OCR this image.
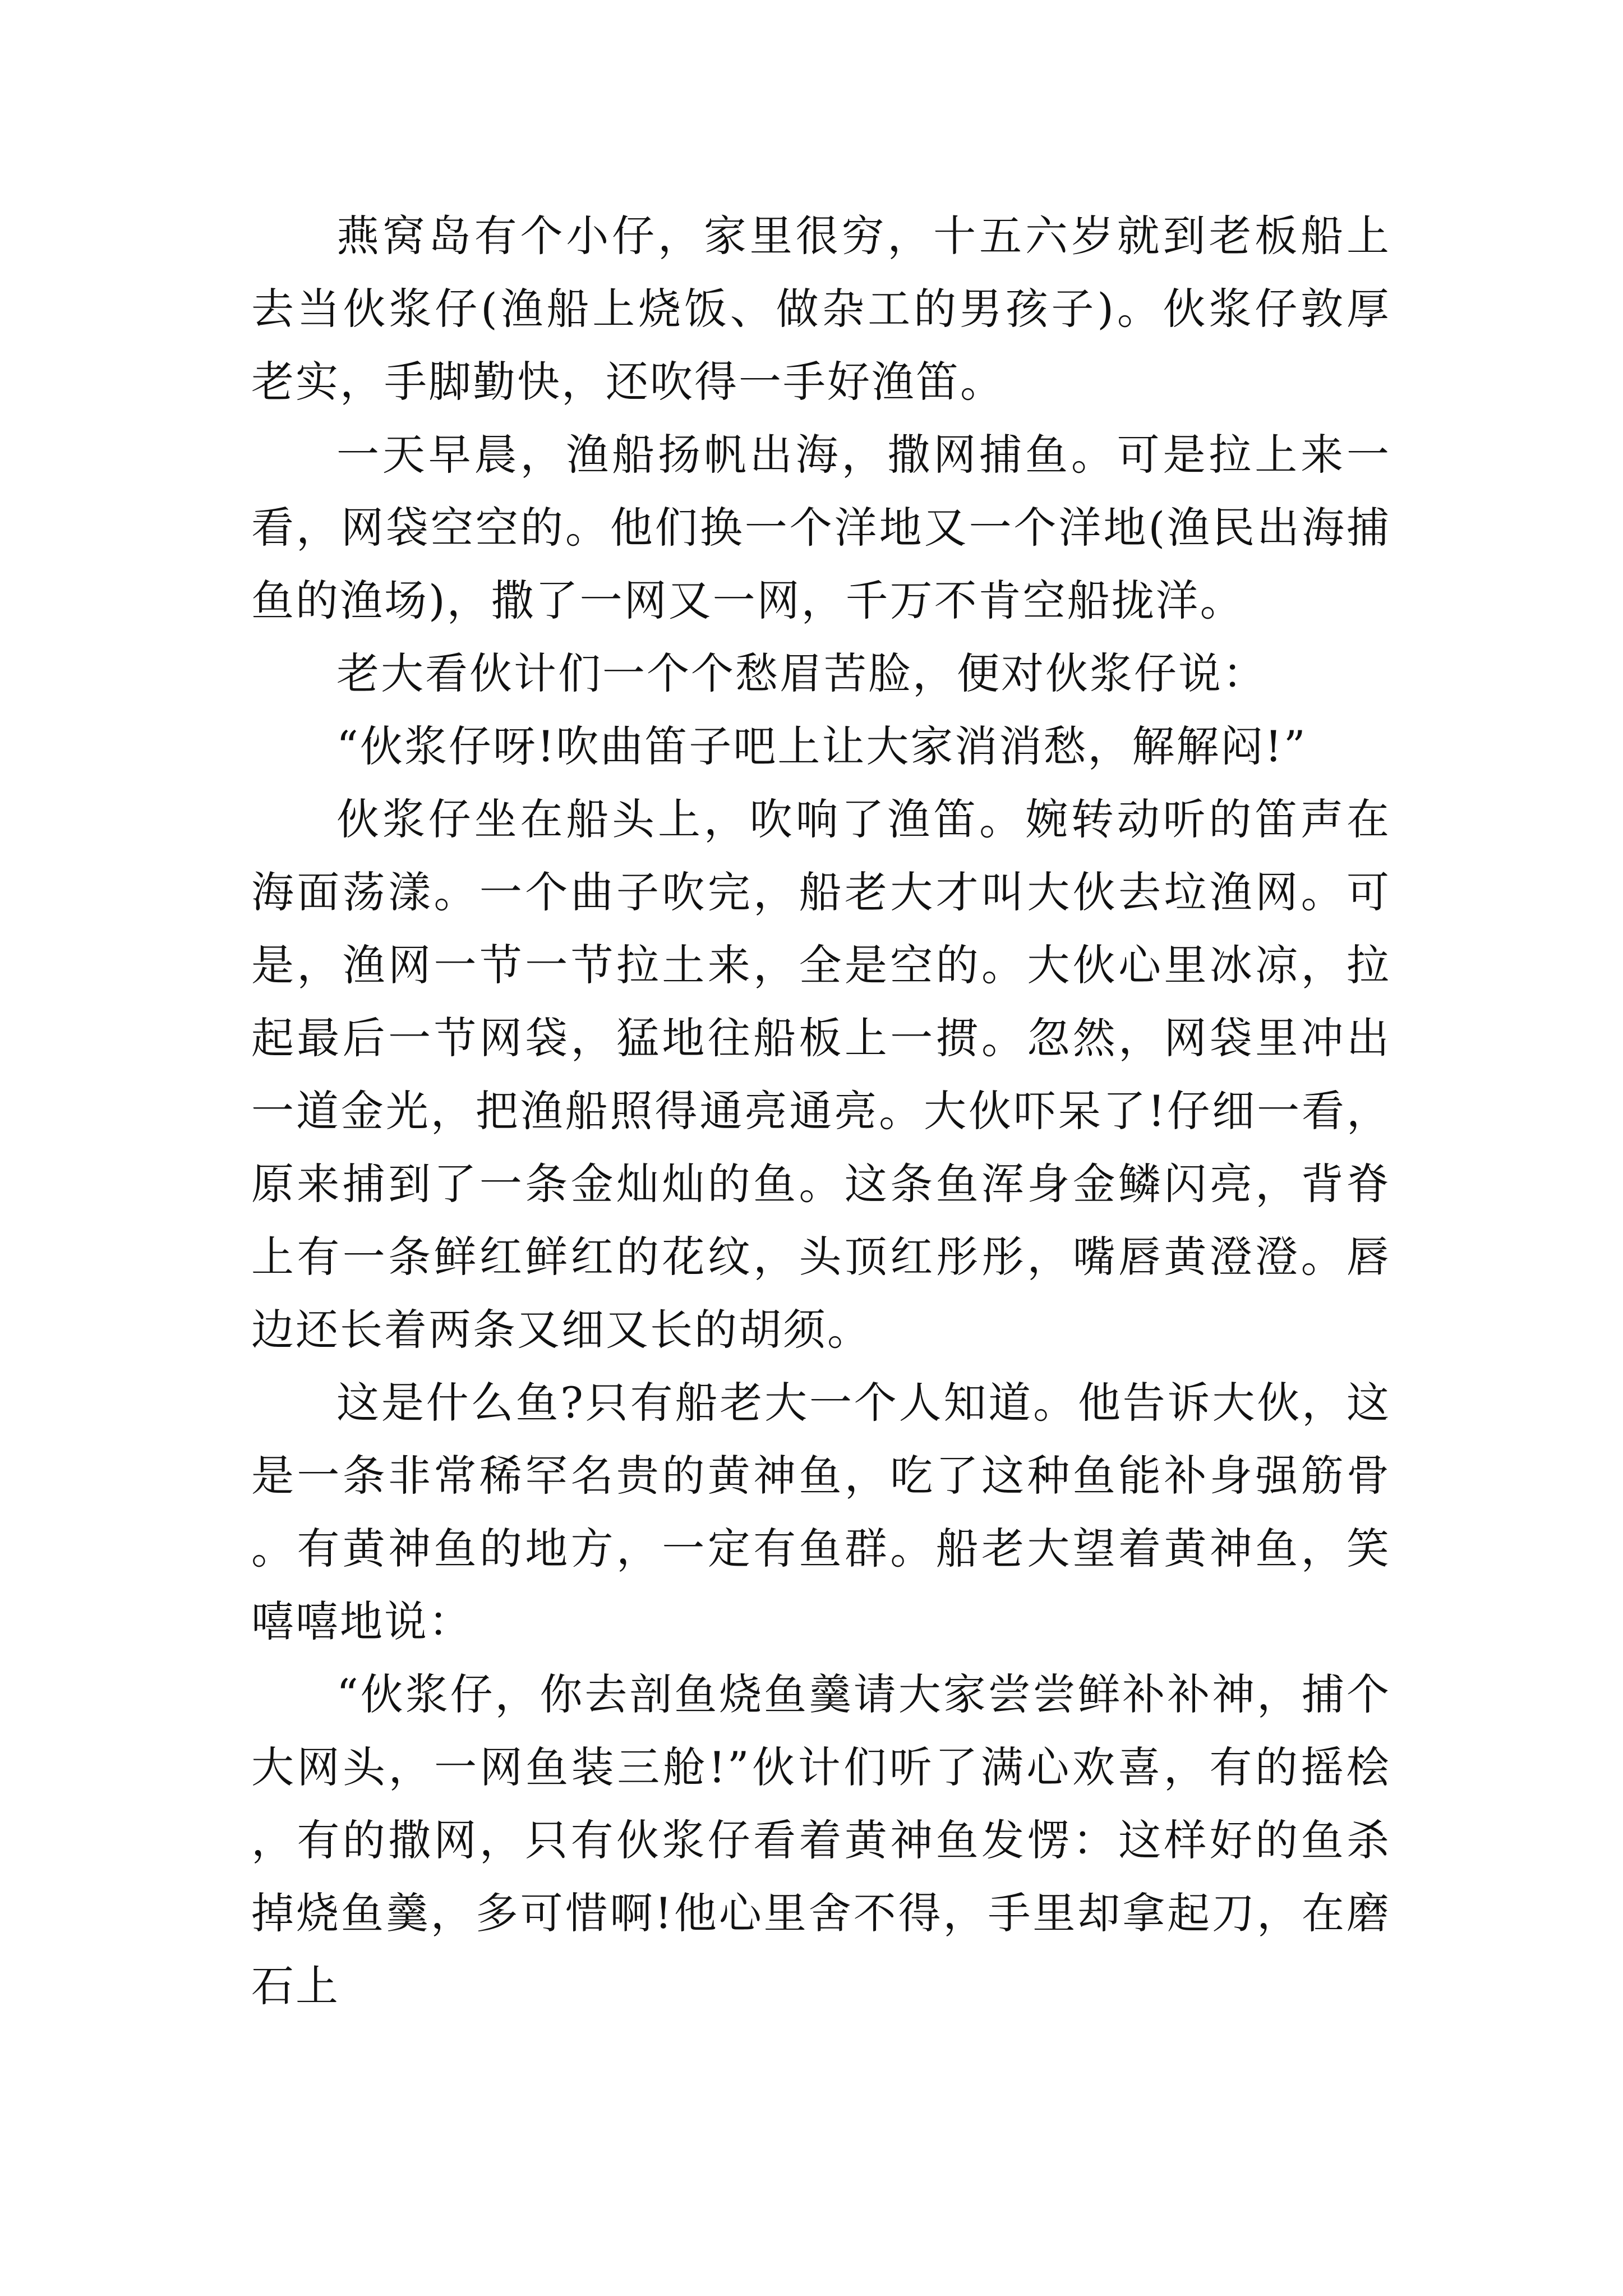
燕窝岛有个小仔，家里很穷，十五六岁就到老板船上去当伙浆仔(渔船上烧饭、做杂工的男孩子)。伙浆仔敦厚老实，手脚勤快，还吹得一手好渔笛。

一天早晨，渔船扬帆出海，撒网捕鱼。可是拉上来一看，网袋空空的。他们换一个洋地又一个洋地(渔民出海捕鱼的渔场)，撒了一网又一网，千万不肯空船拢洋。

老大看伙计们一个个愁眉苦脸，便对伙浆仔说：

“伙浆仔呀!吹曲笛子吧上让大家消消愁，解解闷!”

伙浆仔坐在船头上，吹响了渔笛。婉转动听的笛声在海面荡漾。一个曲子吹完，船老大才叫大伙去垃渔网。可是，渔网一节一节拉土来，全是空的。大伙心里冰凉，拉起最后一节网袋，猛地往船板上一掼。忽然，网袋里冲出一道金光，把渔船照得通亮通亮。大伙吓呆了!仔细一看，原来捕到了一条金灿灿的鱼。这条鱼浑身金鳞闪亮，背脊上有一条鲜红鲜红的花纹，头顶红彤彤，嘴唇黄澄澄。唇边还长着两条又细又长的胡须。

这是什么鱼?只有船老大一个人知道。他告诉大伙，这是一条非常稀罕名贵的黄神鱼，吃了这种鱼能补身强筋骨。有黄神鱼的地方，一定有鱼群。船老大望着黄神鱼，笑嘻嘻地说：

“伙浆仔，你去剖鱼烧鱼羹请大家尝尝鲜补补神，捕个大网头，一网鱼装三舱!”伙计们听了满心欢喜，有的摇桧，有的撒网，只有伙浆仔看着黄神鱼发愣：这样好的鱼杀掉烧鱼羹，多可惜啊!他心里舍不得，手里却拿起刀，在磨石上
